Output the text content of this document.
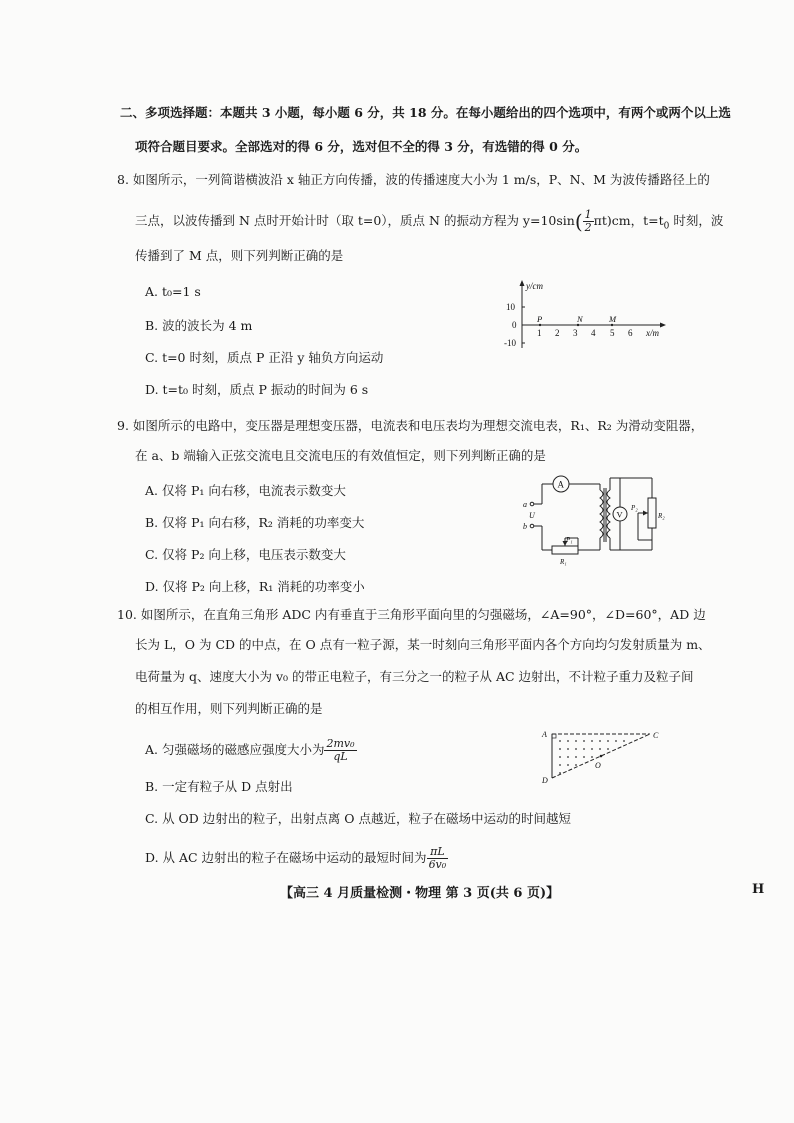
二、多项选择题：本题共 3 小题，每小题 6 分，共 18 分。在每小题给出的四个选项中，有两个或两个以上选
项符合题目要求。全部选对的得 6 分，选对但不全的得 3 分，有选错的得 0 分。
8. 如图所示，一列简谐横波沿 x 轴正方向传播，波的传播速度大小为 1 m/s，P、N、M 为波传播路径上的
三点，以波传播到 N 点时开始计时（取 t=0），质点 N 的振动方程为 $y=10\sin( \frac{1}{2} \pi t)cm$，$t=t_0$ 时刻，波
传播到了 M 点，则下列判断正确的是
A. t₀=1 s
B. 波的波长为 4 m
C. t=0 时刻，质点 P 正沿 y 轴负方向运动
D. t=t₀ 时刻，质点 P 振动的时间为 6 s
y/cm
10
0
-10
1 2 3 4 5 6 x/m
P	N	M
9. 如图所示的电路中，变压器是理想变压器，电流表和电压表均为理想交流电表，R₁、R₂ 为滑动变阻器，
在 a、b 端输入正弦交流电且交流电压的有效值恒定，则下列判断正确的是
A. 仅将 P₁ 向右移，电流表示数变大
B. 仅将 P₁ 向右移，R₂ 消耗的功率变大
C. 仅将 P₂ 向上移，电压表示数变大
D. 仅将 P₂ 向上移，R₁ 消耗的功率变小
a
b
U
A
P₁
R₁
V
P₂
R₂
10. 如图所示，在直角三角形 ADC 内有垂直于三角形平面向里的匀强磁场，∠A=90°，∠D=60°，AD 边
长为 L，O 为 CD 的中点，在 O 点有一粒子源，某一时刻向三角形平面内各个方向均匀发射质量为 m、
电荷量为 q、速度大小为 v₀ 的带正电粒子，有三分之一的粒子从 AC 边射出，不计粒子重力及粒子间
的相互作用，则下列判断正确的是
A. 匀强磁场的磁感应强度大小为 $\frac{\text{2mv₀}}{qL}$
B. 一定有粒子从 D 点射出
C. 从 OD 边射出的粒子，出射点离 O 点越近，粒子在磁场中运动的时间越短
D. 从 AC 边射出的粒子在磁场中运动的最短时间为 $\frac{\pi L}{\text{6v₀}}$
A	C
D
O
【高三 4 月质量检测・物理 第 3 页(共 6 页)】	H
